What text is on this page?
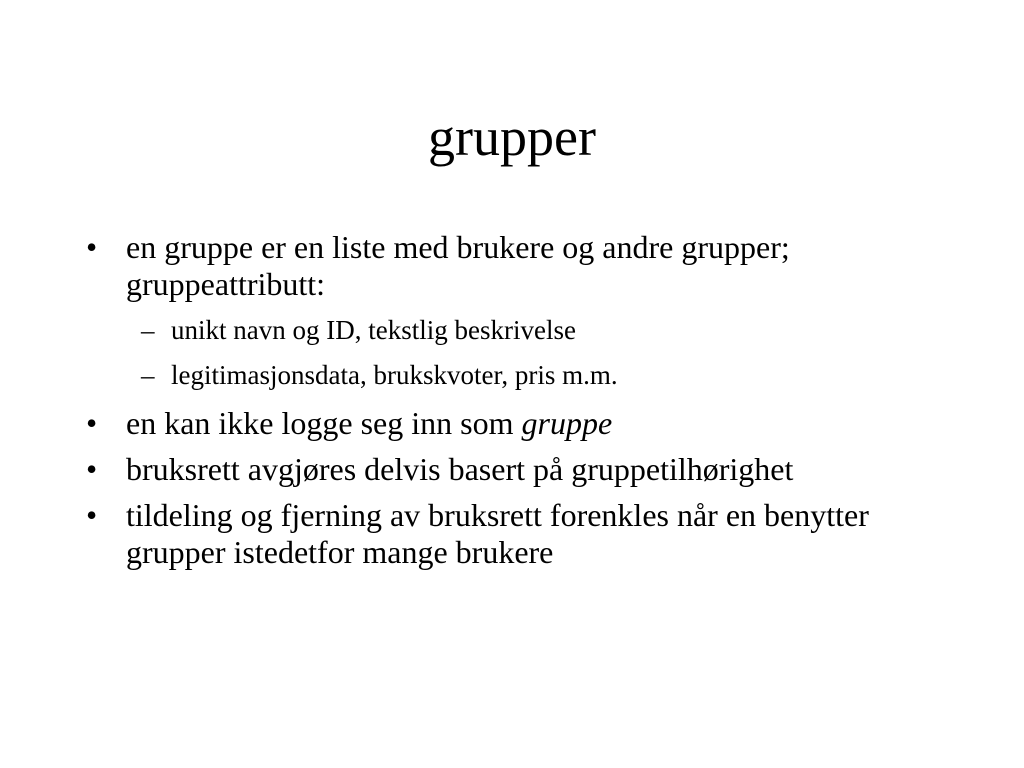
grupper
• en gruppe er en liste med brukere og andre grupper; gruppeattributt:
– unikt navn og ID, tekstlig beskrivelse
– legitimasjonsdata, brukskvoter, pris m.m.
• en kan ikke logge seg inn som gruppe
• bruksrett avgjøres delvis basert på gruppetilhørighet
• tildeling og fjerning av bruksrett forenkles når en benytter grupper istedetfor mange brukere
